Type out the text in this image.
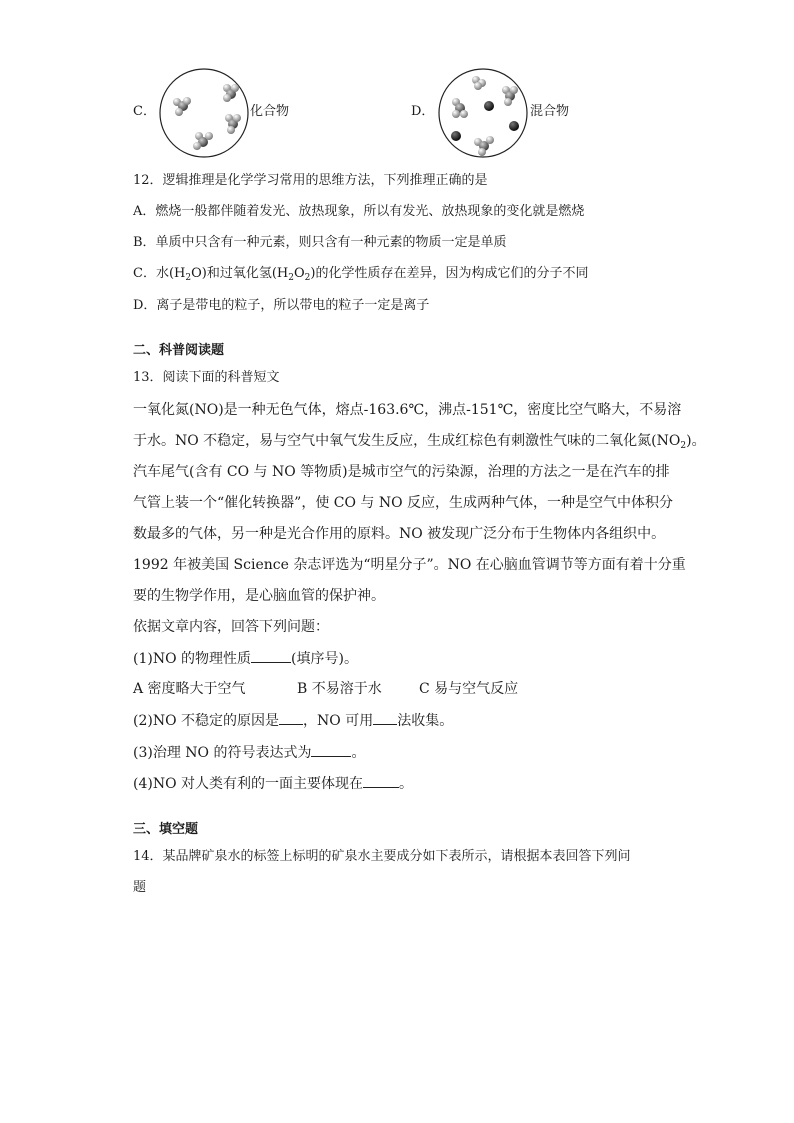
C．	化合物	D．	混合物
12．逻辑推理是化学学习常用的思维方法，下列推理正确的是
A．燃烧一般都伴随着发光、放热现象，所以有发光、放热现象的变化就是燃烧
B．单质中只含有一种元素，则只含有一种元素的物质一定是单质
C．水$(H_2O)$和过氧化氢$(H_2O_2)$的化学性质存在差异，因为构成它们的分子不同
D．离子是带电的粒子，所以带电的粒子一定是离子
二、科普阅读题
13．阅读下面的科普短文
一氧化氮(NO)是一种无色气体，熔点-163.6℃，沸点-151℃，密度比空气略大，不易溶
于水。NO 不稳定，易与空气中氧气发生反应，生成红棕色有刺激性气味的二氧化氮$(NO_2)$。
汽车尾气(含有 CO 与 NO 等物质)是城市空气的污染源，治理的方法之一是在汽车的排
气管上装一个“催化转换器”，使 CO 与 NO 反应，生成两种气体，一种是空气中体积分
数最多的气体，另一种是光合作用的原料。NO 被发现广泛分布于生物体内各组织中。
1992 年被美国 Science 杂志评选为“明星分子”。NO 在心脑血管调节等方面有着十分重
要的生物学作用，是心脑血管的保护神。
依据文章内容，回答下列问题：
(1)NO 的物理性质	(填序号)。
A 密度略大于空气	B 不易溶于水	C 易与空气反应
(2)NO 不稳定的原因是 ，NO 可用 法收集。
(3)治理 NO 的符号表达式为	。
(4)NO 对人类有利的一面主要体现在	。
三、填空题
14．某品牌矿泉水的标签上标明的矿泉水主要成分如下表所示，请根据本表回答下列问
题
